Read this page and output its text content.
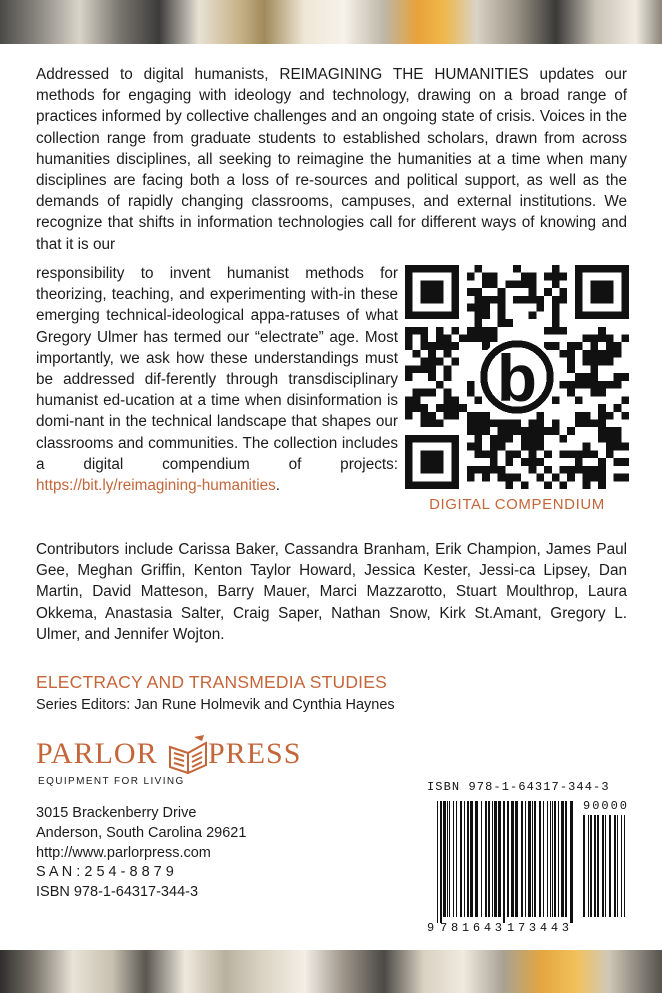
Addressed to digital humanists, REIMAGINING THE HUMANITIES updates our methods for engaging with ideology and technology, drawing on a broad range of practices informed by collective challenges and an ongoing state of crisis. Voices in the collection range from graduate students to established scholars, drawn from across humanities disciplines, all seeking to reimagine the humanities at a time when many disciplines are facing both a loss of re-sources and political support, as well as the demands of rapidly changing classrooms, campuses, and external institutions. We recognize that shifts in information technologies call for different ways of knowing and that it is our
responsibility to invent humanist methods for theorizing, teaching, and experimenting with-in these emerging technical-ideological appa-ratuses of what Gregory Ulmer has termed our “electrate” age. Most importantly, we ask how these understandings must be addressed dif-ferently through transdisciplinary humanist ed-ucation at a time when disinformation is domi-nant in the technical landscape that shapes our classrooms and communities. The collection includes a digital compendium of projects: https://bit.ly/reimagining-humanities.
b
DIGITAL COMPENDIUM
Contributors include Carissa Baker, Cassandra Branham, Erik Champion, James Paul Gee, Meghan Griffin, Kenton Taylor Howard, Jessica Kester, Jessi-ca Lipsey, Dan Martin, David Matteson, Barry Mauer, Marci Mazzarotto, Stuart Moulthrop, Laura Okkema, Anastasia Salter, Craig Saper, Nathan Snow, Kirk St.Amant, Gregory L. Ulmer, and Jennifer Wojton.
ELECTRACY AND TRANSMEDIA STUDIES
Series Editors: Jan Rune Holmevik and Cynthia Haynes
PARLOR PRESS
EQUIPMENT FOR LIVING
3015 Brackenberry Drive
Anderson, South Carolina 29621
http://www.parlorpress.com
S A N : 2 5 4 - 8 8 7 9
ISBN 978-1-64317-344-3
ISBN 978-1-64317-344-3
9 781643 173443
90000
